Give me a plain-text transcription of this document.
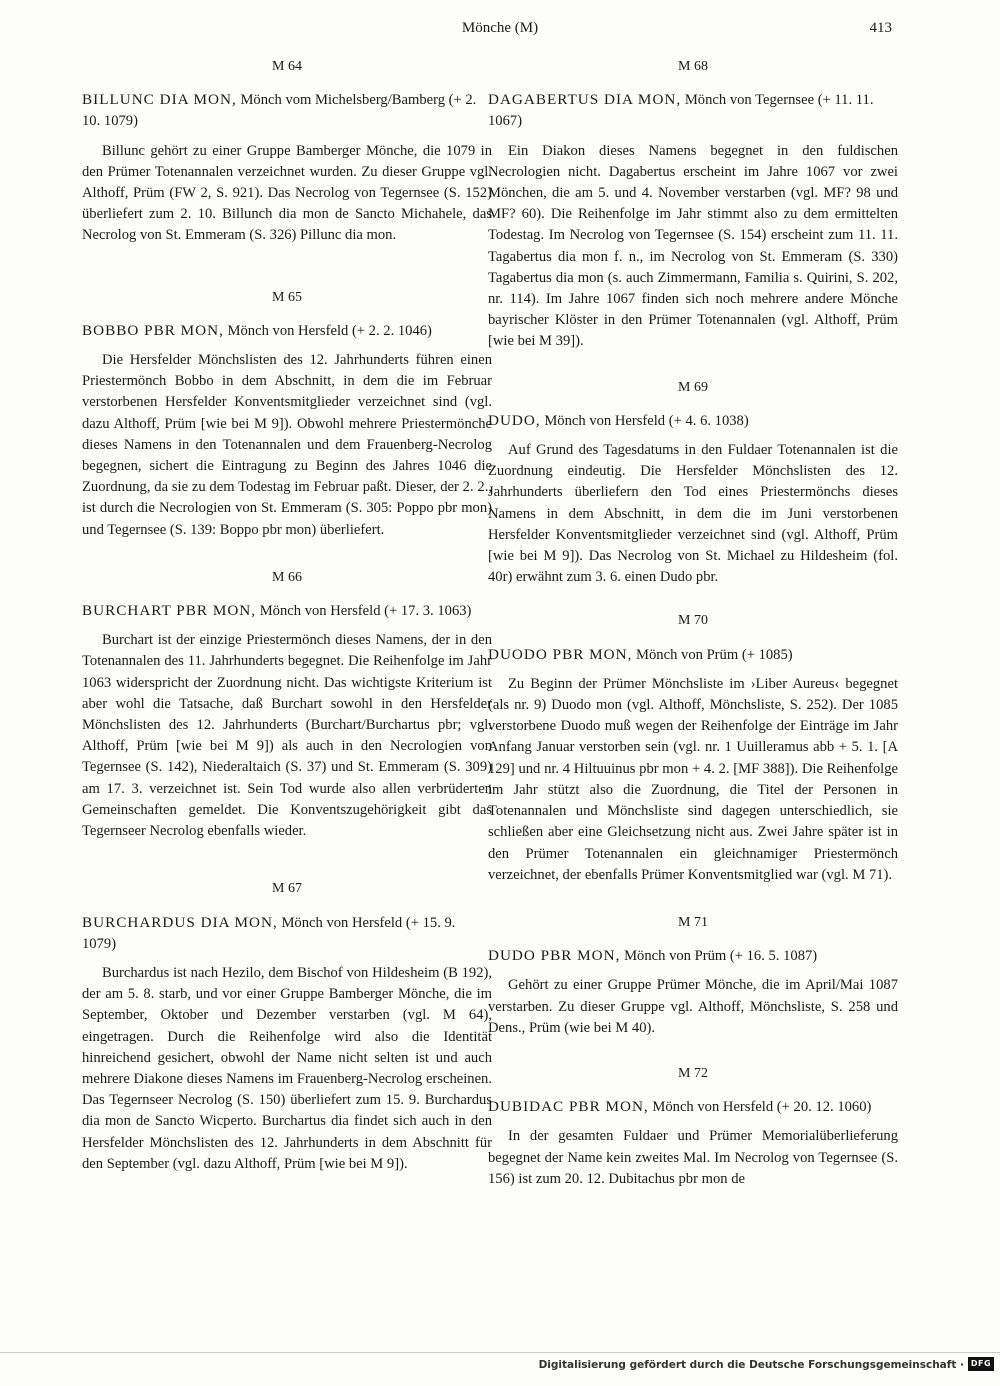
Mönche (M)	413

M 64

BILLUNC DIA MON, Mönch vom Michelsberg/Bamberg (+ 2. 10. 1079)

Billunc gehört zu einer Gruppe Bamberger Mönche, die 1079 in den Prümer Totenannalen verzeichnet wurden. Zu dieser Gruppe vgl. Althoff, Prüm (FW 2, S. 921). Das Necrolog von Tegernsee (S. 152) überliefert zum 2. 10. Billunch dia mon de Sancto Michahele, das Necrolog von St. Emmeram (S. 326) Pillunc dia mon.

M 65

BOBBO PBR MON, Mönch von Hersfeld (+ 2. 2. 1046)

Die Hersfelder Mönchslisten des 12. Jahrhunderts führen einen Priestermönch Bobbo in dem Abschnitt, in dem die im Februar verstorbenen Hersfelder Konventsmitglieder verzeichnet sind (vgl. dazu Althoff, Prüm [wie bei M 9]). Obwohl mehrere Priestermönche dieses Namens in den Totenannalen und dem Frauenberg-Necrolog begegnen, sichert die Eintragung zu Beginn des Jahres 1046 die Zuordnung, da sie zu dem Todestag im Februar paßt. Dieser, der 2. 2., ist durch die Necrologien von St. Emmeram (S. 305: Poppo pbr mon) und Tegernsee (S. 139: Boppo pbr mon) überliefert.

M 66

BURCHART PBR MON, Mönch von Hersfeld (+ 17. 3. 1063)

Burchart ist der einzige Priestermönch dieses Namens, der in den Totenannalen des 11. Jahrhunderts begegnet. Die Reihenfolge im Jahr 1063 widerspricht der Zuordnung nicht. Das wichtigste Kriterium ist aber wohl die Tatsache, daß Burchart sowohl in den Hersfelder Mönchslisten des 12. Jahrhunderts (Burchart/Burchartus pbr; vgl. Althoff, Prüm [wie bei M 9]) als auch in den Necrologien von Tegernsee (S. 142), Niederaltaich (S. 37) und St. Emmeram (S. 309) am 17. 3. verzeichnet ist. Sein Tod wurde also allen verbrüderten Gemeinschaften gemeldet. Die Konventszugehörigkeit gibt das Tegernseer Necrolog ebenfalls wieder.

M 67

BURCHARDUS DIA MON, Mönch von Hersfeld (+ 15. 9. 1079)

Burchardus ist nach Hezilo, dem Bischof von Hildesheim (B 192), der am 5. 8. starb, und vor einer Gruppe Bamberger Mönche, die im September, Oktober und Dezember verstarben (vgl. M 64), eingetragen. Durch die Reihenfolge wird also die Identität hinreichend gesichert, obwohl der Name nicht selten ist und auch mehrere Diakone dieses Namens im Frauenberg-Necrolog erscheinen. Das Tegernseer Necrolog (S. 150) überliefert zum 15. 9. Burchardus dia mon de Sancto Wicperto. Burchartus dia findet sich auch in den Hersfelder Mönchslisten des 12. Jahrhunderts in dem Abschnitt für den September (vgl. dazu Althoff, Prüm [wie bei M 9]).

M 68

DAGABERTUS DIA MON, Mönch von Tegernsee (+ 11. 11. 1067)

Ein Diakon dieses Namens begegnet in den fuldischen Necrologien nicht. Dagabertus erscheint im Jahre 1067 vor zwei Mönchen, die am 5. und 4. November verstarben (vgl. MF? 98 und MF? 60). Die Reihenfolge im Jahr stimmt also zu dem ermittelten Todestag. Im Necrolog von Tegernsee (S. 154) erscheint zum 11. 11. Tagabertus dia mon f. n., im Necrolog von St. Emmeram (S. 330) Tagabertus dia mon (s. auch Zimmermann, Familia s. Quirini, S. 202, nr. 114). Im Jahre 1067 finden sich noch mehrere andere Mönche bayrischer Klöster in den Prümer Totenannalen (vgl. Althoff, Prüm [wie bei M 39]).

M 69

DUDO, Mönch von Hersfeld (+ 4. 6. 1038)

Auf Grund des Tagesdatums in den Fuldaer Totenannalen ist die Zuordnung eindeutig. Die Hersfelder Mönchslisten des 12. Jahrhunderts überliefern den Tod eines Priestermönchs dieses Namens in dem Abschnitt, in dem die im Juni verstorbenen Hersfelder Konventsmitglieder verzeichnet sind (vgl. Althoff, Prüm [wie bei M 9]). Das Necrolog von St. Michael zu Hildesheim (fol. 40r) erwähnt zum 3. 6. einen Dudo pbr.

M 70

DUODO PBR MON, Mönch von Prüm (+ 1085)

Zu Beginn der Prümer Mönchsliste im ›Liber Aureus‹ begegnet (als nr. 9) Duodo mon (vgl. Althoff, Mönchsliste, S. 252). Der 1085 verstorbene Duodo muß wegen der Reihenfolge der Einträge im Jahr Anfang Januar verstorben sein (vgl. nr. 1 Uuilleramus abb + 5. 1. [A 129] und nr. 4 Hiltuuinus pbr mon + 4. 2. [MF 388]). Die Reihenfolge im Jahr stützt also die Zuordnung, die Titel der Personen in Totenannalen und Mönchsliste sind dagegen unterschiedlich, sie schließen aber eine Gleichsetzung nicht aus. Zwei Jahre später ist in den Prümer Totenannalen ein gleichnamiger Priestermönch verzeichnet, der ebenfalls Prümer Konventsmitglied war (vgl. M 71).

M 71

DUDO PBR MON, Mönch von Prüm (+ 16. 5. 1087)

Gehört zu einer Gruppe Prümer Mönche, die im April/Mai 1087 verstarben. Zu dieser Gruppe vgl. Althoff, Mönchsliste, S. 258 und Dens., Prüm (wie bei M 40).

M 72

DUBIDAC PBR MON, Mönch von Hersfeld (+ 20. 12. 1060)

In der gesamten Fuldaer und Prümer Memorialüberlieferung begegnet der Name kein zweites Mal. Im Necrolog von Tegernsee (S. 156) ist zum 20. 12. Dubitachus pbr mon de

Digitalisierung gefördert durch die Deutsche Forschungsgemeinschaft · DFG
